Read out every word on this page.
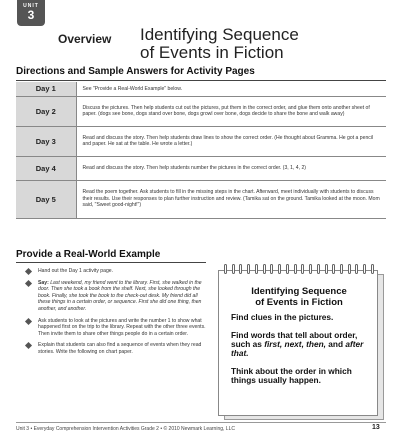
UNIT
3
Overview Identifying Sequence
of Events in Fiction
Directions and Sample Answers for Activity Pages
Day 1	See "Provide a Real-World Example" below.
Day 2	Discuss the pictures. Then help students cut out the pictures, put them in the correct order, and glue them onto another sheet of paper. (dogs see bone, dogs stand over bone, dogs growl over bone, dogs decide to share the bone and walk away)
Day 3	Read and discuss the story. Then help students draw lines to show the correct order. (He thought about Gramma. He got a pencil and paper. He sat at the table. He wrote a letter.)
Day 4	Read and discuss the story. Then help students number the pictures in the correct order. (3, 1, 4, 2)
Day 5	Read the poem together. Ask students to fill in the missing steps in the chart. Afterward, meet individually with students to discuss their results. Use their responses to plan further instruction and review. (Tamika sat on the ground. Tamika looked at the moon. Mom said, "Sweet good-night!")
Provide a Real-World Example
Hand out the Day 1 activity page.
Say: Last weekend, my friend went to the library. First, she walked in the door. Then she took a book from the shelf. Next, she looked through the book. Finally, she took the book to the check-out desk. My friend did all these things in a certain order, or sequence. First she did one thing, then another, and another.
Ask students to look at the pictures and write the number 1 to show what happened first on the trip to the library. Repeat with the other three events. Then invite them to share other things people do in a certain order.
Explain that students can also find a sequence of events when they read stories. Write the following on chart paper.
Identifying Sequence
of Events in Fiction
Find clues in the pictures.
Find words that tell about order, such as first, next, then, and after that.
Think about the order in which things usually happen.
Unit 3 • Everyday Comprehension Intervention Activities Grade 2 • © 2010 Newmark Learning, LLC	13
